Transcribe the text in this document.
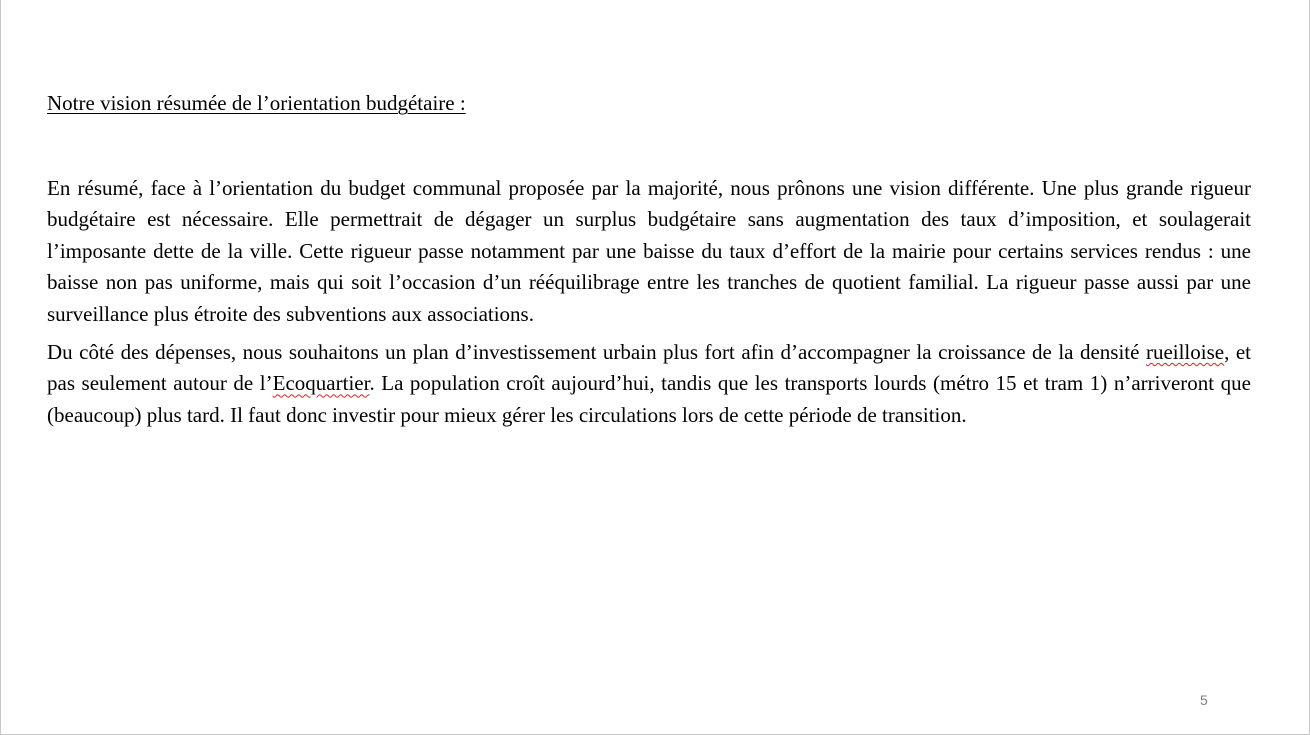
Notre vision résumée de l’orientation budgétaire :

En résumé, face à l’orientation du budget communal proposée par la majorité, nous prônons une vision différente. Une plus grande rigueur budgétaire est nécessaire. Elle permettrait de dégager un surplus budgétaire sans augmentation des taux d’imposition, et soulagerait l’imposante dette de la ville. Cette rigueur passe notamment par une baisse du taux d’effort de la mairie pour certains services rendus : une baisse non pas uniforme, mais qui soit l’occasion d’un rééquilibrage entre les tranches de quotient familial. La rigueur passe aussi par une surveillance plus étroite des subventions aux associations.

Du côté des dépenses, nous souhaitons un plan d’investissement urbain plus fort afin d’accompagner la croissance de la densité rueilloise, et pas seulement autour de l’Ecoquartier. La population croît aujourd’hui, tandis que les transports lourds (métro 15 et tram 1) n’arriveront que (beaucoup) plus tard. Il faut donc investir pour mieux gérer les circulations lors de cette période de transition.

5
